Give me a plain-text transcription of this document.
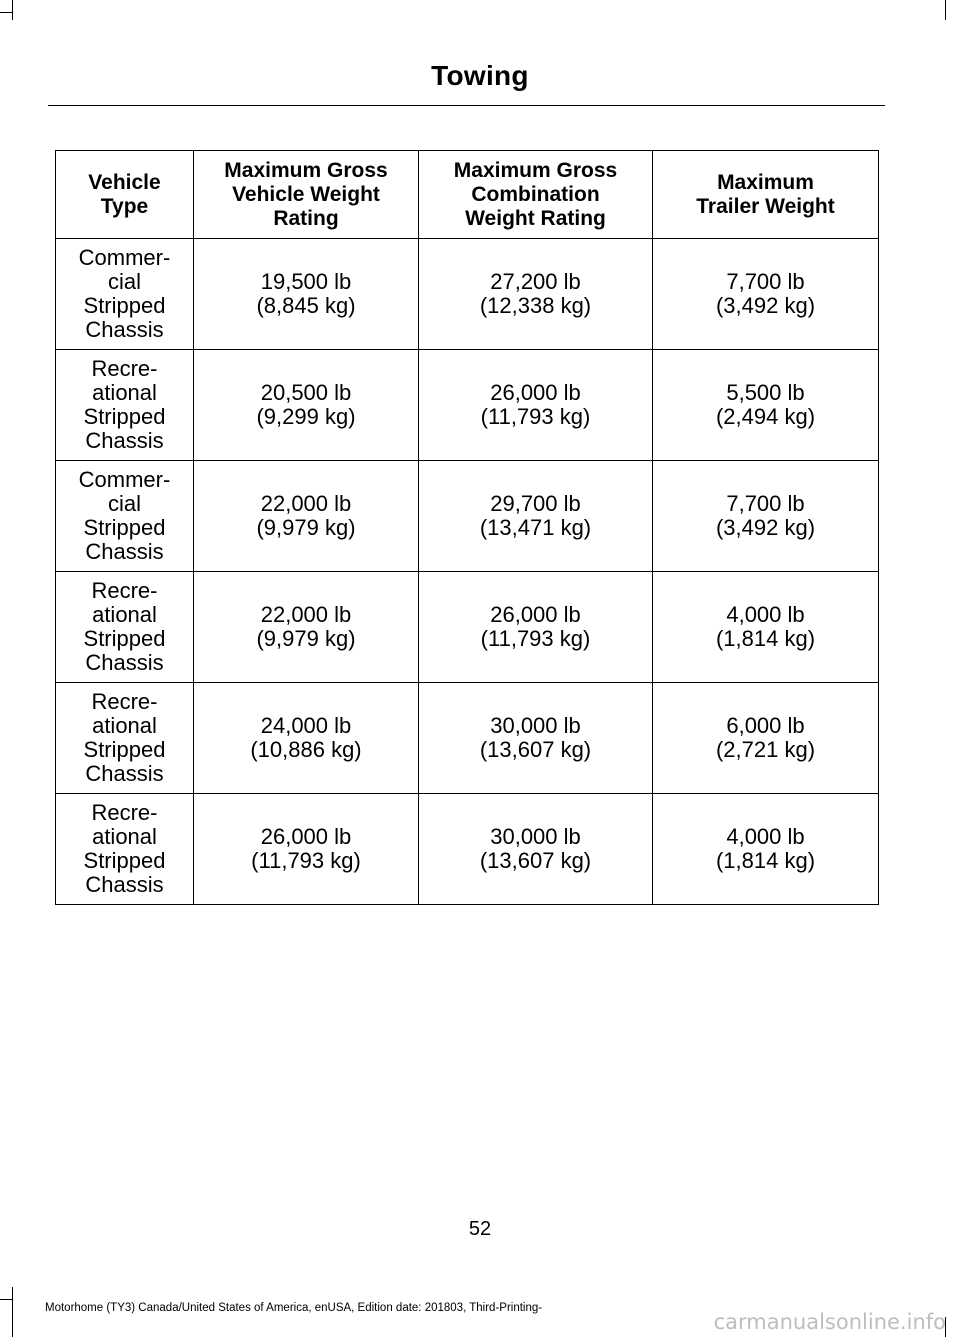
Towing
Vehicle
Type	Maximum Gross
Vehicle Weight
Rating	Maximum Gross
Combination
Weight Rating	Maximum
Trailer Weight

Commer-
cial
Stripped
Chassis	19,500 lb
(8,845 kg)	27,200 lb
(12,338 kg)	7,700 lb
(3,492 kg)

Recre-
ational
Stripped
Chassis	20,500 lb
(9,299 kg)	26,000 lb
(11,793 kg)	5,500 lb
(2,494 kg)

Commer-
cial
Stripped
Chassis	22,000 lb
(9,979 kg)	29,700 lb
(13,471 kg)	7,700 lb
(3,492 kg)

Recre-
ational
Stripped
Chassis	22,000 lb
(9,979 kg)	26,000 lb
(11,793 kg)	4,000 lb
(1,814 kg)

Recre-
ational
Stripped
Chassis	24,000 lb
(10,886 kg)	30,000 lb
(13,607 kg)	6,000 lb
(2,721 kg)

Recre-
ational
Stripped
Chassis	26,000 lb
(11,793 kg)	30,000 lb
(13,607 kg)	4,000 lb
(1,814 kg)
52
Motorhome (TY3) Canada/United States of America, enUSA, Edition date: 201803, Third-Printing-
carmanualsonline.info
